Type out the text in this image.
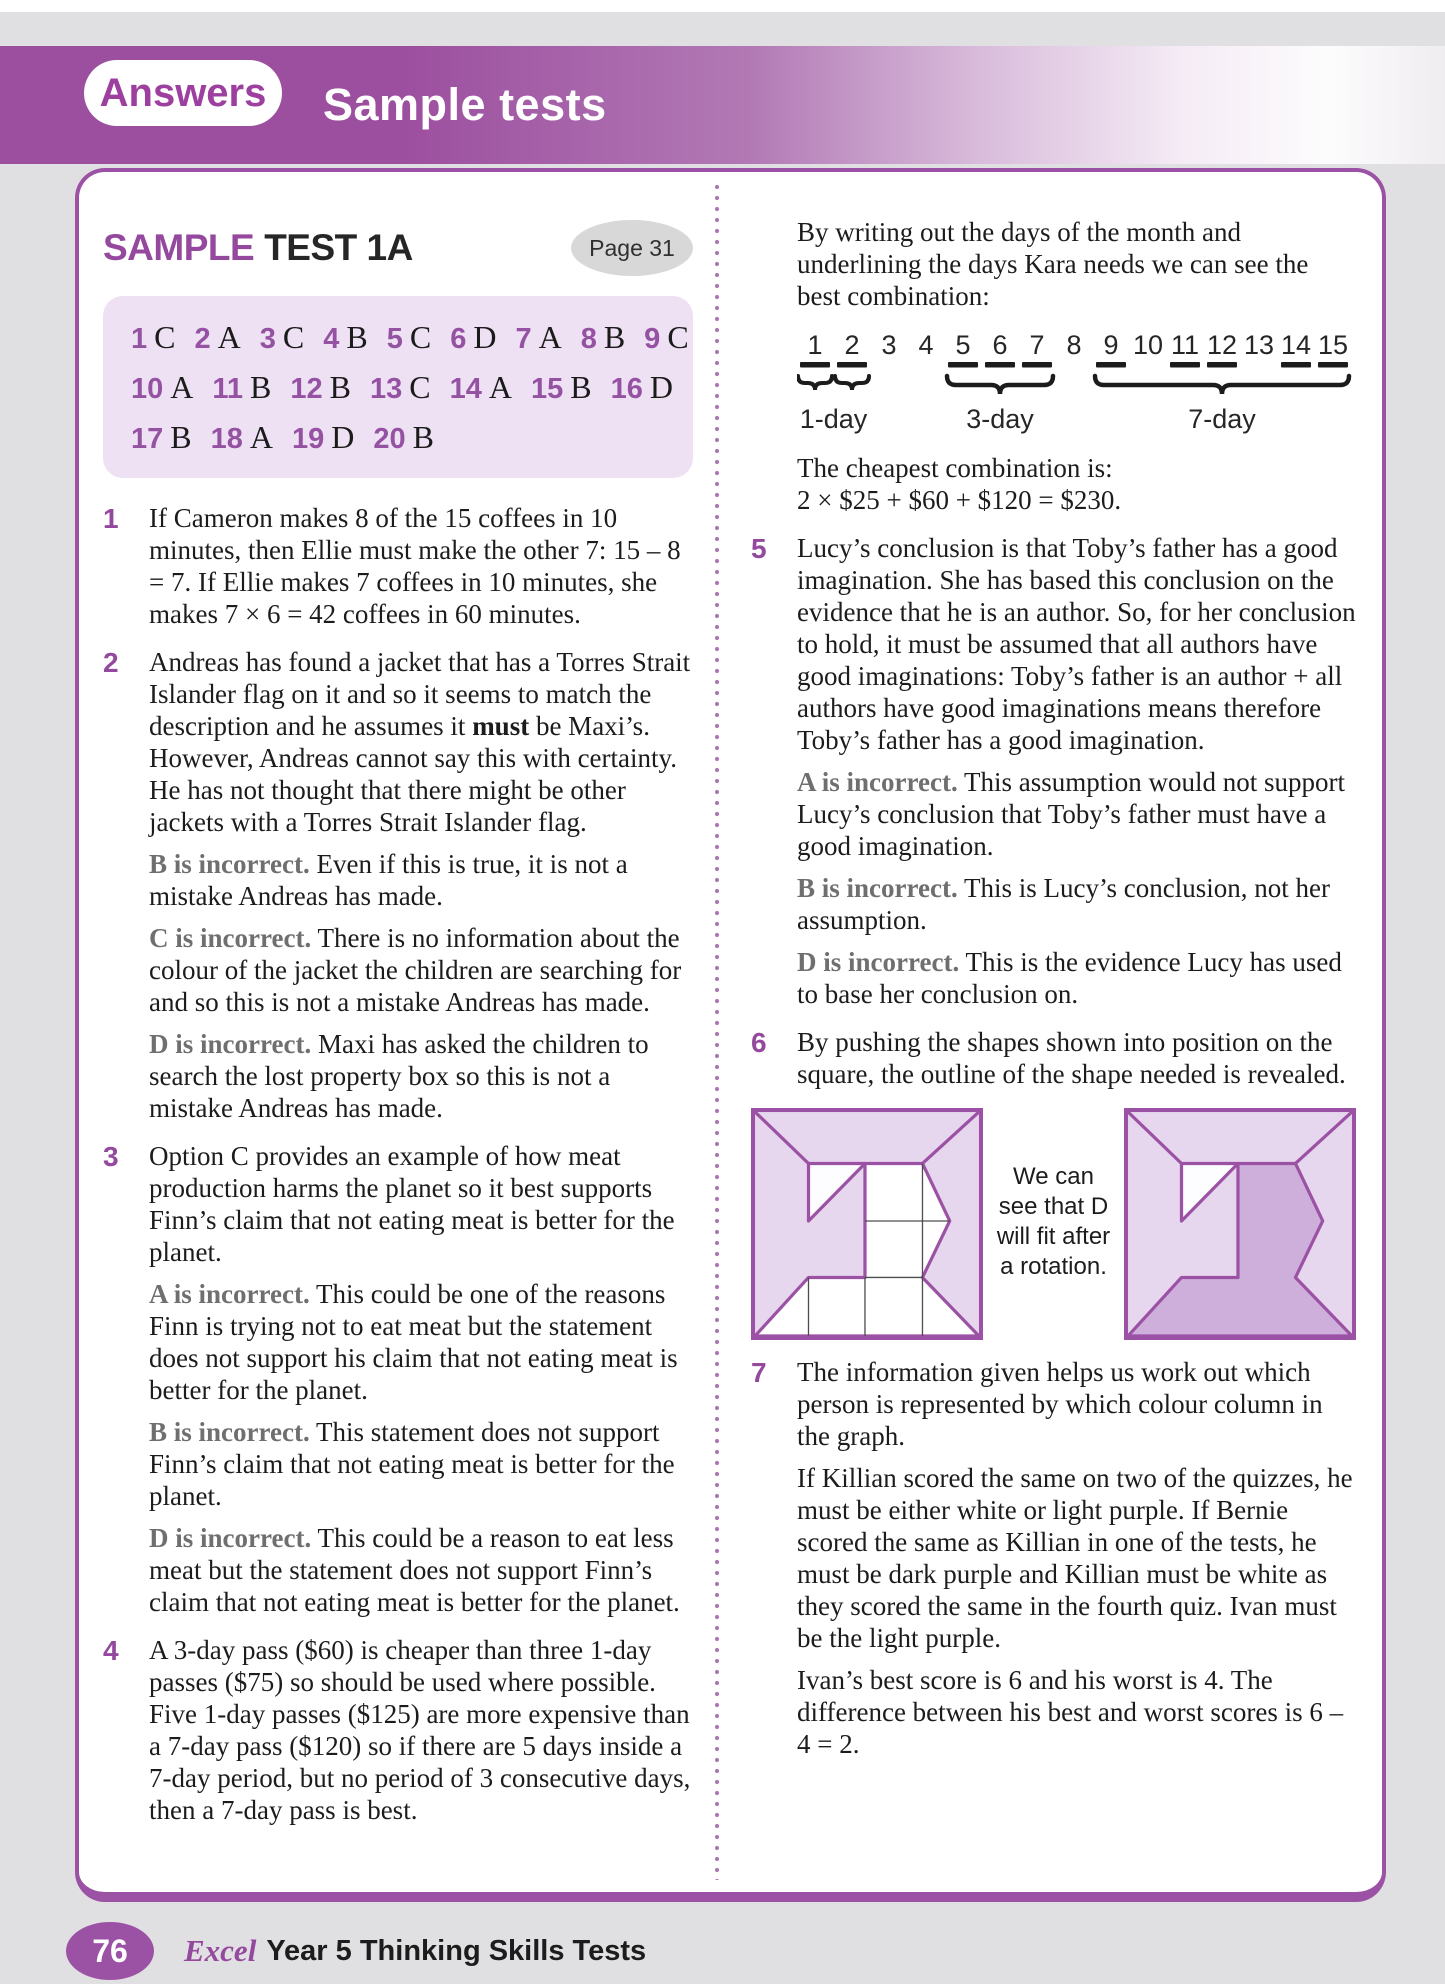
Answers Sample tests
SAMPLE TEST 1A	Page 31
1 C 2 A 3 C 4 B 5 C 6 D 7 A 8 B 9 C
10 A 11 B 12 B 13 C 14 A 15 B 16 D
17 B 18 A 19 D 20 B
1	If Cameron makes 8 of the 15 coffees in 10 minutes, then Ellie must make the other 7: 15 – 8 = 7. If Ellie makes 7 coffees in 10 minutes, she makes 7 × 6 = 42 coffees in 60 minutes.

2	Andreas has found a jacket that has a Torres Strait Islander flag on it and so it seems to match the description and he assumes it must be Maxi’s. However, Andreas cannot say this with certainty. He has not thought that there might be other jackets with a Torres Strait Islander flag.

B is incorrect. Even if this is true, it is not a mistake Andreas has made.

C is incorrect. There is no information about the colour of the jacket the children are searching for and so this is not a mistake Andreas has made.

D is incorrect. Maxi has asked the children to search the lost property box so this is not a mistake Andreas has made.

3	Option C provides an example of how meat production harms the planet so it best supports Finn’s claim that not eating meat is better for the planet.

A is incorrect. This could be one of the reasons Finn is trying not to eat meat but the statement does not support his claim that not eating meat is better for the planet.

B is incorrect. This statement does not support Finn’s claim that not eating meat is better for the planet.

D is incorrect. This could be a reason to eat less meat but the statement does not support Finn’s claim that not eating meat is better for the planet.

4	A 3-day pass ($60) is cheaper than three 1-day passes ($75) so should be used where possible. Five 1-day passes ($125) are more expensive than a 7-day pass ($120) so if there are 5 days inside a 7-day period, but no period of 3 consecutive days, then a 7-day pass is best.

By writing out the days of the month and underlining the days Kara needs we can see the best combination:

1 2 3 4 5 6 7 8 9 10 11 12 13 14 15
1-day	3-day	7-day

The cheapest combination is:
2 × $25 + $60 + $120 = $230.

5	Lucy’s conclusion is that Toby’s father has a good imagination. She has based this conclusion on the evidence that he is an author. So, for her conclusion to hold, it must be assumed that all authors have good imaginations: Toby’s father is an author + all authors have good imaginations means therefore Toby’s father has a good imagination.

A is incorrect. This assumption would not support Lucy’s conclusion that Toby’s father must have a good imagination.

B is incorrect. This is Lucy’s conclusion, not her assumption.

D is incorrect. This is the evidence Lucy has used to base her conclusion on.

6	By pushing the shapes shown into position on the square, the outline of the shape needed is revealed.

We can see that D will fit after a rotation.
7	The information given helps us work out which person is represented by which colour column in the graph.

If Killian scored the same on two of the quizzes, he must be either white or light purple. If Bernie scored the same as Killian in one of the tests, he must be dark purple and Killian must be white as they scored the same in the fourth quiz. Ivan must be the light purple.

Ivan’s best score is 6 and his worst is 4. The difference between his best and worst scores is 6 – 4 = 2.

76	Excel Year 5 Thinking Skills Tests
